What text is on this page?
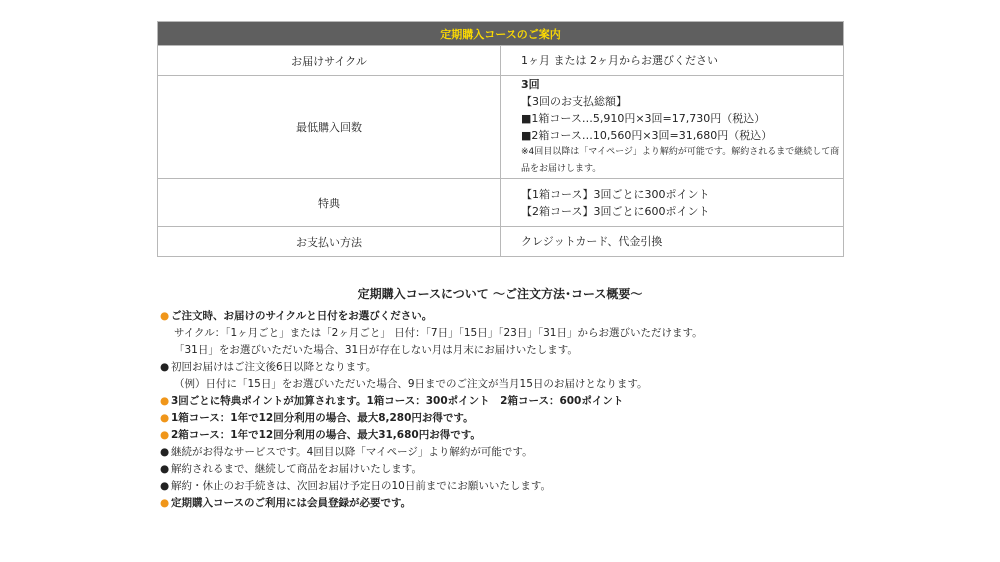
定期購入コースのご案内	
お届けサイクル	1ヶ月 または 2ヶ月からお選びください

最低購入回数	3回
【3回のお支払総額】
■1箱コース…5,910円×3回=17,730円（税込）
■2箱コース…10,560円×3回=31,680円（税込）
※4回目以降は「マイページ」より解約が可能です。解約されるまで継続して商品をお届けします。

特典	【1箱コース】3回ごとに300ポイント
【2箱コース】3回ごとに600ポイント

お支払い方法	クレジットカード、代金引換
定期購入コースについて 〜ご注文方法･コース概要〜
● ご注文時、お届けのサイクルと日付をお選びください。
サイクル：「1ヶ月ごと」または「2ヶ月ごと」 日付：「7日」「15日」「23日」「31日」からお選びいただけます。
「31日」をお選びいただいた場合、31日が存在しない月は月末にお届けいたします。
● 初回お届けはご注文後6日以降となります。
（例）日付に「15日」をお選びいただいた場合、9日までのご注文が当月15日のお届けとなります。
● 3回ごとに特典ポイントが加算されます。1箱コース：300ポイント　2箱コース：600ポイント
● 1箱コース：1年で12回分利用の場合、最大8,280円お得です。
● 2箱コース：1年で12回分利用の場合、最大31,680円お得です。
● 継続がお得なサービスです。4回目以降「マイページ」より解約が可能です。
● 解約されるまで、継続して商品をお届けいたします。
● 解約・休止のお手続きは、次回お届け予定日の10日前までにお願いいたします。
● 定期購入コースのご利用には会員登録が必要です。
